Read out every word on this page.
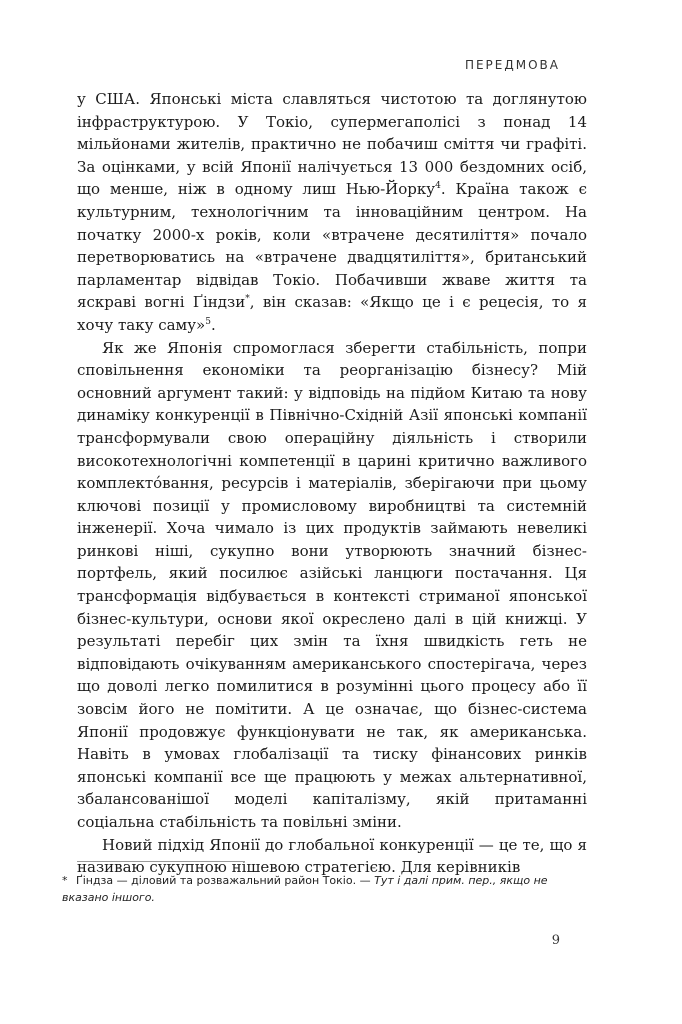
ПЕРЕДМОВА

у США. Японські міста славляться чистотою та доглянутою інфраструктурою. У Токіо, супермегаполісі з понад 14 мільйонами жителів, практично не побачиш сміття чи графіті. За оцінками, у всій Японії налічується 13 000 бездомних осіб, що менше, ніж в одному лиш Нью-Йорку$^4$. Країна також є культурним, технологічним та інноваційним центром. На початку 2000-х років, коли «втрачене десятиліття» почало перетворюватись на «втрачене двадцятиліття», британський парламентар відвідав Токіо. Побачивши жваве життя та яскраві вогні Ґіндзи*, він сказав: «Якщо це і є рецесія, то я хочу таку саму»$^5$.

Як же Японія спромоглася зберегти стабільність, попри сповільнення економіки та реорганізацію бізнесу? Мій основний аргумент такий: у відповідь на підйом Китаю та нову динаміку конкуренції в Північно-Східній Азії японські компанії трансформували свою операційну діяльність і створили високотехнологічні компетенції в царині критично важливого комплектóвання, ресурсів і матеріалів, зберігаючи при цьому ключові позиції у промисловому виробництві та системній інженерії. Хоча чимало із цих продуктів займають невеликі ринкові ніші, сукупно вони утворюють значний бізнес-портфель, який посилює азійські ланцюги постачання. Ця трансформація відбувається в контексті стриманої японської бізнес-культури, основи якої окреслено далі в цій книжці. У результаті перебіг цих змін та їхня швидкість геть не відповідають очікуванням американського спостерігача, через що доволі легко помилитися в розумінні цього процесу або її зовсім його не помітити. А це означає, що бізнес-система Японії продовжує функціонувати не так, як американська. Навіть в умовах глобалізації та тиску фінансових ринків японські компанії все ще працюють у межах альтернативної, збалансованішої моделі капіталізму, якій притаманні соціальна стабільність та повільні зміни.

Новий підхід Японії до глобальної конкуренції — це те, що я називаю сукупною нішевою стратегією. Для керівників

* Ґіндза — діловий та розважальний район Токіо. — Тут і далі прим. пер., якщо не вказано іншого.
9
